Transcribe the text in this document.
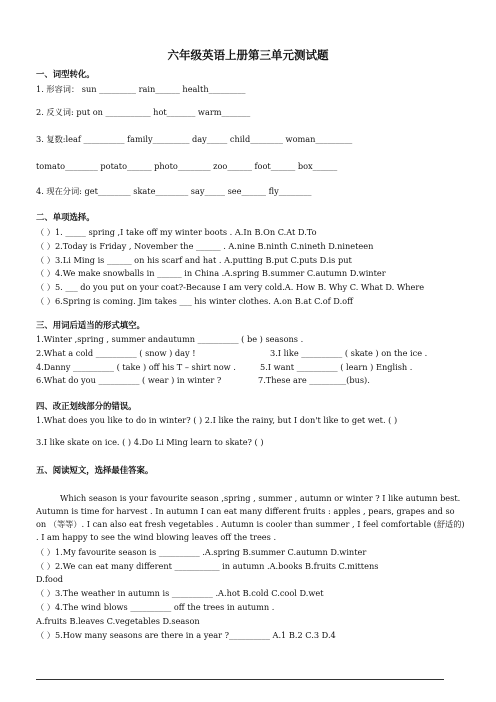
六年级英语上册第三单元测试题
一、词型转化。
1. 形容词： sun _________ rain______ health_________
2. 反义词: put on ___________ hot_______ warm_______
3. 复数:leaf __________ family_________ day_____ child________ woman_________
tomato________ potato______ photo________ zoo______ foot______ box______
4. 现在分词: get________ skate________ say_____ see______ fly________
二、单项选择。
（ ）1. _____ spring ,I take off my winter boots . A.In B.On C.At D.To
（ ）2.Today is Friday , November the ______ . A.nine B.ninth C.nineth D.nineteen
（ ）3.Li Ming is ______ on his scarf and hat . A.putting B.put C.puts D.is put
（ ）4.We make snowballs in ______ in China .A.spring B.summer C.autumn D.winter
（ ）5. ___ do you put on your coat?-Because I am very cold.A. How B. Why C. What D. Where
（ ）6.Spring is coming. Jim takes ___ his winter clothes. A.on B.at C.of D.off
三、用词后适当的形式填空。
1.Winter ,spring , summer andautumn __________ ( be ) seasons .
2.What a cold __________ ( snow ) day !	3.I like __________ ( skate ) on the ice .
4.Danny __________ ( take ) off his T – shirt now .	5.I want __________ ( learn ) English .
6.What do you __________ ( wear ) in winter ?	7.These are _________(bus).
四、改正划线部分的错误。
1.What does you like to do in winter? ( ) 2.I like the rainy, but I don't like to get wet. ( )
3.I like skate on ice. ( ) 4.Do Li Ming learn to skate? ( )
五、阅读短文，选择最佳答案。
Which season is your favourite season ,spring , summer , autumn or winter ? I like autumn best. Autumn is time for harvest . In autumn I can eat many different fruits : apples , pears, grapes and so on （等等）. I can also eat fresh vegetables . Autumn is cooler than summer , I feel comfortable (舒适的) . I am happy to see the wind blowing leaves off the trees .
（ ）1.My favourite season is __________ .A.spring B.summer C.autumn D.winter
（ ）2.We can eat many different ___________ in autumn .A.books B.fruits C.mittens
D.food
（ ）3.The weather in autumn is __________ .A.hot B.cold C.cool D.wet
（ ）4.The wind blows __________ off the trees in autumn .
A.fruits B.leaves C.vegetables D.season
（ ）5.How many seasons are there in a year ?__________ A.1 B.2 C.3 D.4
